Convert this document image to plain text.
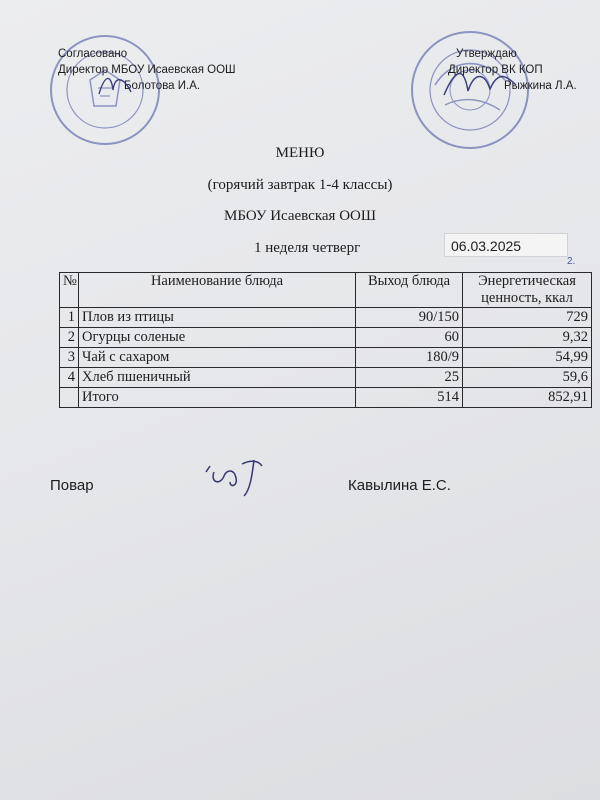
Согласовано
Директор МБОУ Исаевская ООШ
Болотова И.А.
Утверждаю
Директор ВК КОП
Рыжкина Л.А.
МЕНЮ
(горячий завтрак 1-4 классы)
МБОУ Исаевская ООШ
1 неделя четверг	06.03.2025
2.
№	Наименование блюда	Выход блюда	Энергетическая
ценность, ккал
1	Плов из птицы	90/150	729
2	Огурцы соленые	60	9,32
3	Чай с сахаром	180/9	54,99
4	Хлеб пшеничный	25	59,6
	Итого	514	852,91
Повар	Кавылина Е.С.
